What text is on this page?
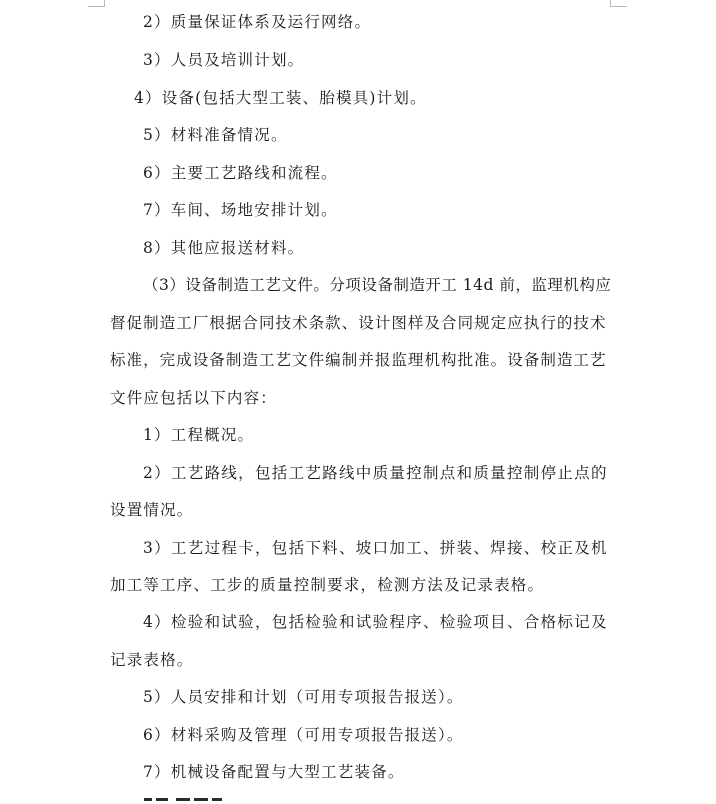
2）质量保证体系及运行网络。
3）人员及培训计划。
4）设备(包括大型工装、胎模具)计划。
5）材料准备情况。
6）主要工艺路线和流程。
7）车间、场地安排计划。
8）其他应报送材料。
（3）设备制造工艺文件。分项设备制造开工 14d 前，监理机构应
督促制造工厂根据合同技术条款、设计图样及合同规定应执行的技术
标准，完成设备制造工艺文件编制并报监理机构批准。设备制造工艺
文件应包括以下内容：
1）工程概况。
2）工艺路线，包括工艺路线中质量控制点和质量控制停止点的
设置情况。
3）工艺过程卡，包括下料、坡口加工、拼装、焊接、校正及机
加工等工序、工步的质量控制要求，检测方法及记录表格。
4）检验和试验，包括检验和试验程序、检验项目、合格标记及
记录表格。
5）人员安排和计划（可用专项报告报送）。
6）材料采购及管理（可用专项报告报送）。
7）机械设备配置与大型工艺装备。
